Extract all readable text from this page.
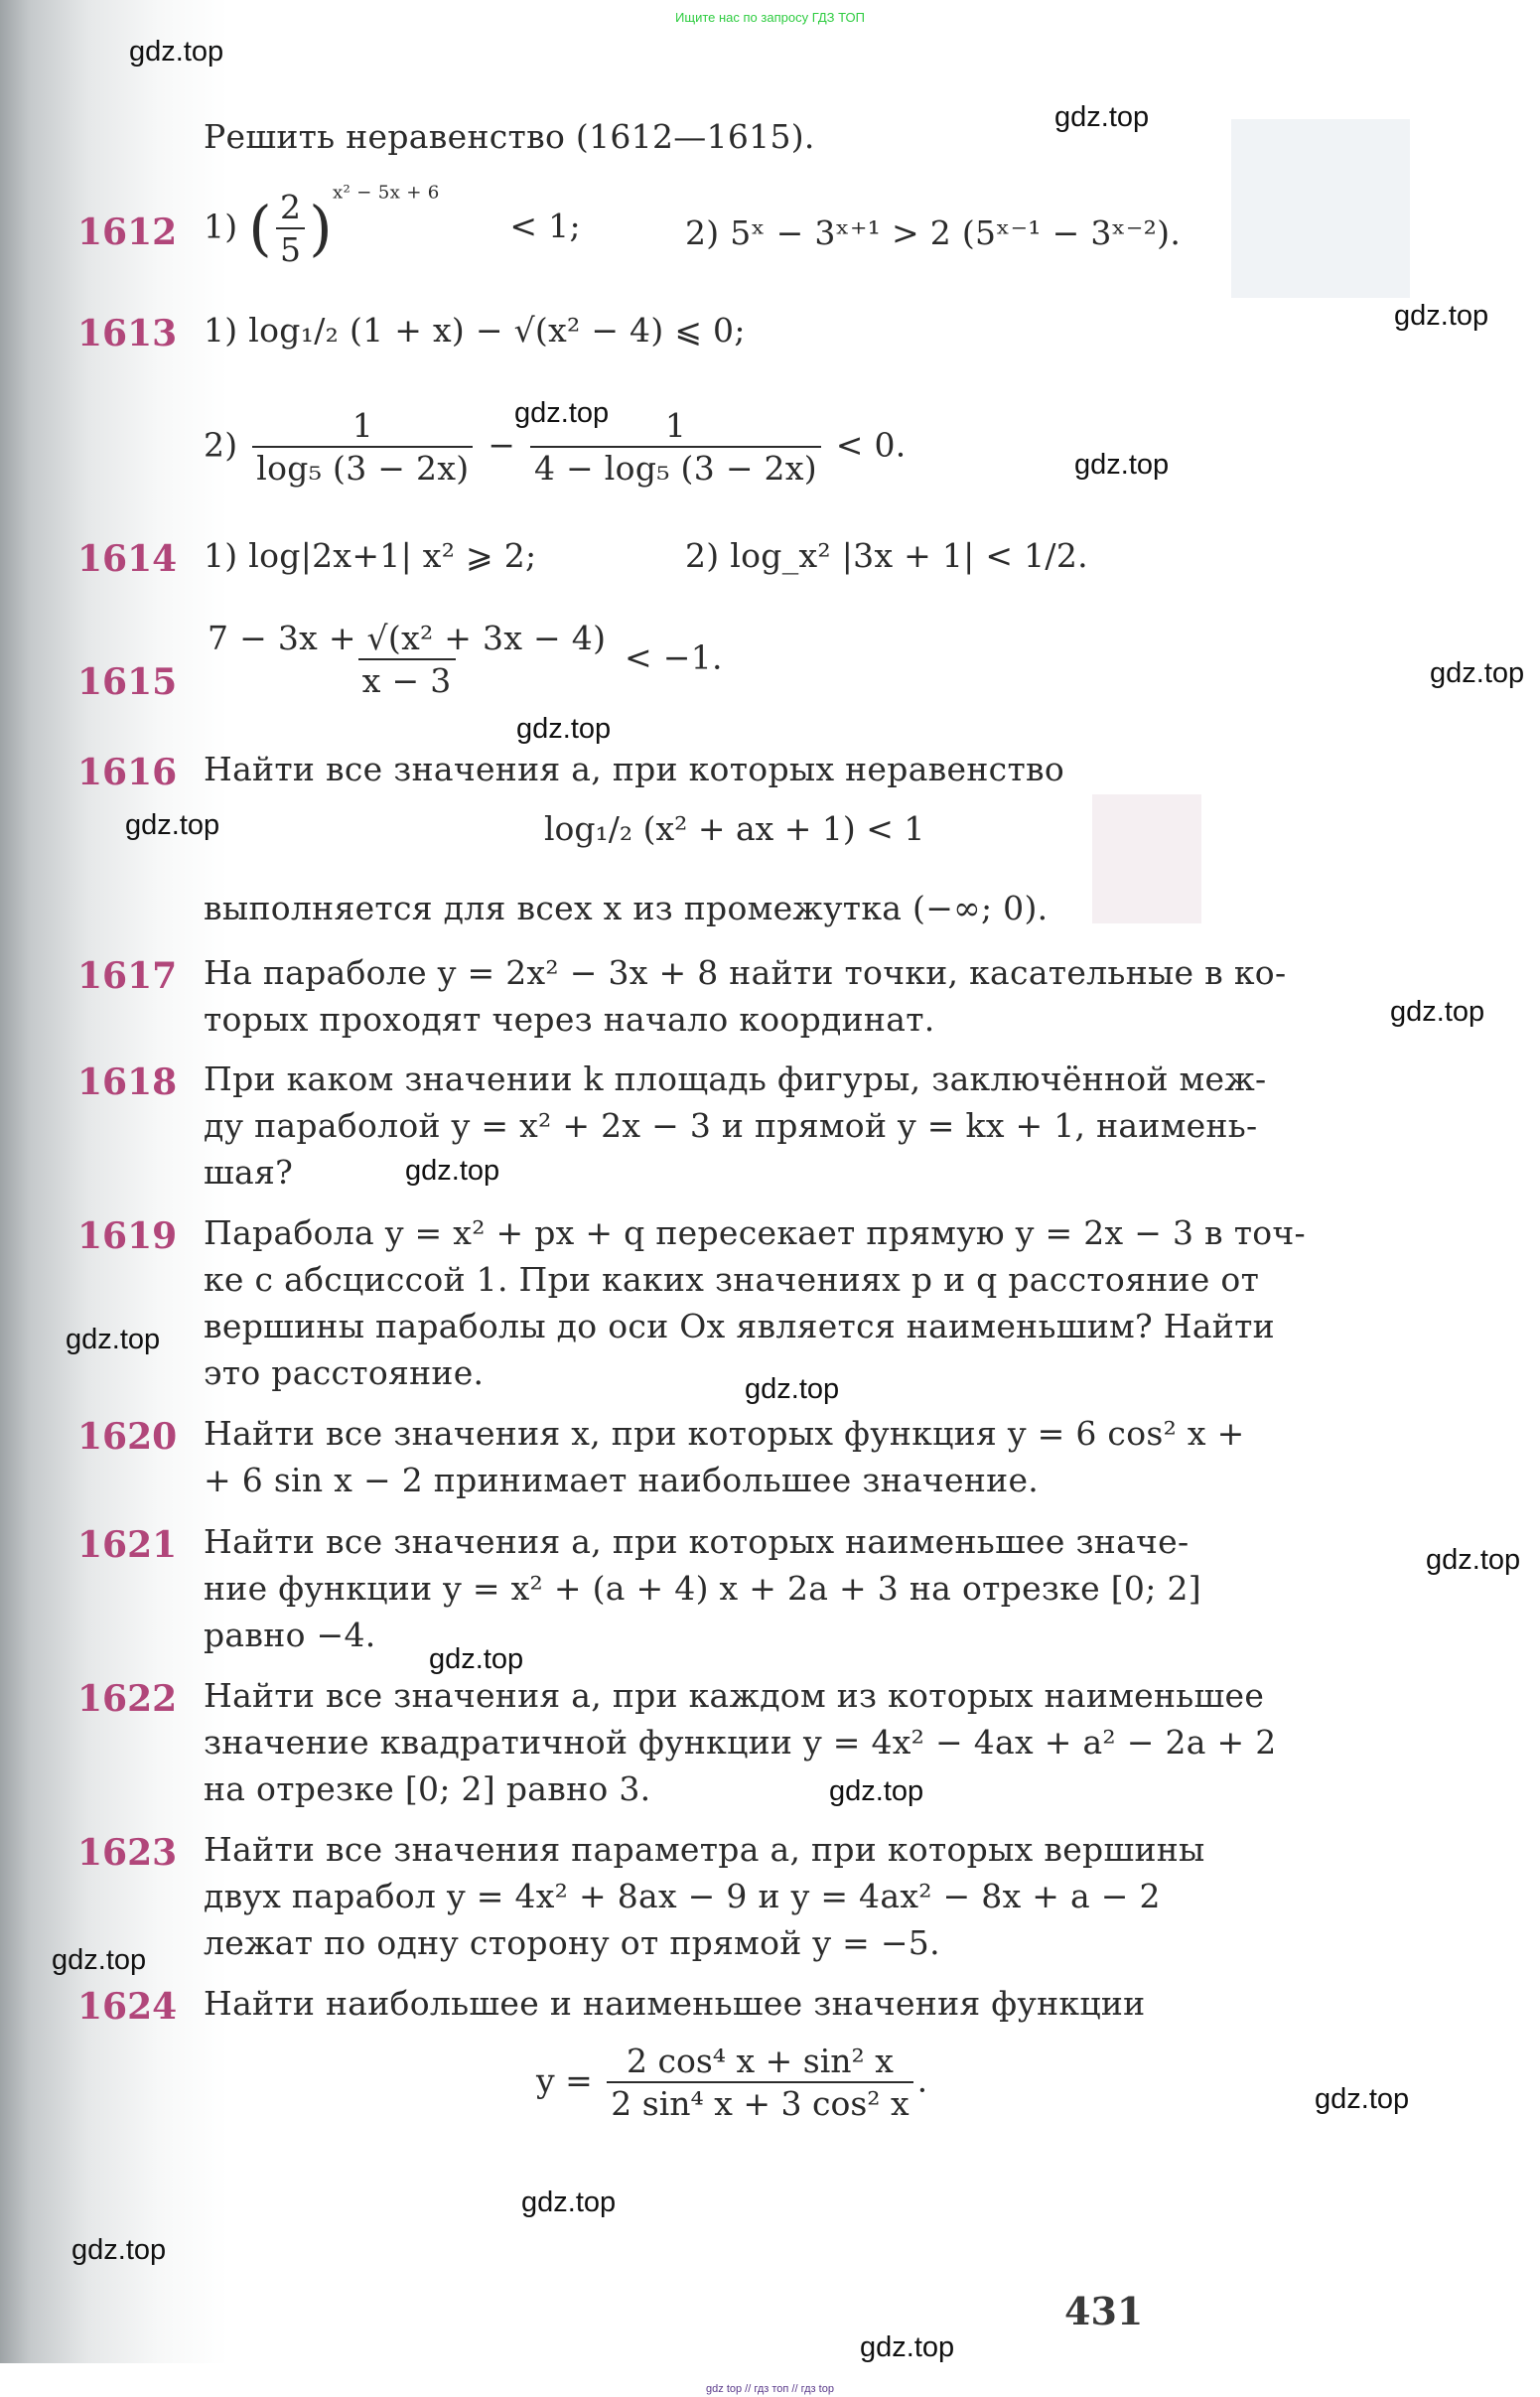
Ищите нас по запросу ГДЗ ТОП
gdz.top
gdz.top
gdz.top
gdz.top
gdz.top
gdz.top
gdz.top
gdz.top
gdz.top
gdz.top
gdz.top
gdz.top
gdz.top
gdz.top
gdz.top
gdz.top
gdz.top
gdz.top
gdz.top
gdz.top
Решить неравенство (1612—1615).
1612 1) ( $\frac{2}{5} )^{x^2 - 5x + 6} < 1$;	2) 5ˣ − 3ˣ⁺¹ > 2 (5ˣ⁻¹ − 3ˣ⁻²).
1613 1) log₁/₂ (1 + x) − √(x² − 4) ⩽ 0;
$2) \frac{1}{\text{log₅ (3 − 2x)}} - \frac{1}{\text{4 − log₅ (3 − 2x)}} < 0$.
1614 1) log|2x+1| x² ⩾ 2;	2) log_x² |3x + 1| < 1/2.
$1615 \frac{\text{7 − 3x + √(x² + 3x − 4)}}{x - 3} < -1$.
1616 Найти все значения a, при которых неравенство
log₁/₂ (x² + ax + 1) < 1
выполняется для всех x из промежутка (−∞; 0).
1617 На параболе y = 2x² − 3x + 8 найти точки, касательные в ко-
торых проходят через начало координат.
1618 При каком значении k площадь фигуры, заключённой меж-
ду параболой y = x² + 2x − 3 и прямой y = kx + 1, наимень-
шая?
1619 Парабола y = x² + px + q пересекает прямую y = 2x − 3 в точ-
ке с абсциссой 1. При каких значениях p и q расстояние от
вершины параболы до оси Ox является наименьшим? Найти
это расстояние.
1620 Найти все значения x, при которых функция y = 6 cos² x +
+ 6 sin x − 2 принимает наибольшее значение.
1621 Найти все значения a, при которых наименьшее значе-
ние функции y = x² + (a + 4) x + 2a + 3 на отрезке [0; 2]
равно −4.
1622 Найти все значения a, при каждом из которых наименьшее
значение квадратичной функции y = 4x² − 4ax + a² − 2a + 2
на отрезке [0; 2] равно 3.
1623 Найти все значения параметра a, при которых вершины
двух парабол y = 4x² + 8ax − 9 и y = 4ax² − 8x + a − 2
лежат по одну сторону от прямой y = −5.
1624 Найти наибольшее и наименьшее значения функции
$y = \frac{\text{2 cos⁴ x + sin² x}}{\text{2 sin⁴ x + 3 cos² x}}$ .
431
gdz top // гдз топ // гдз top
